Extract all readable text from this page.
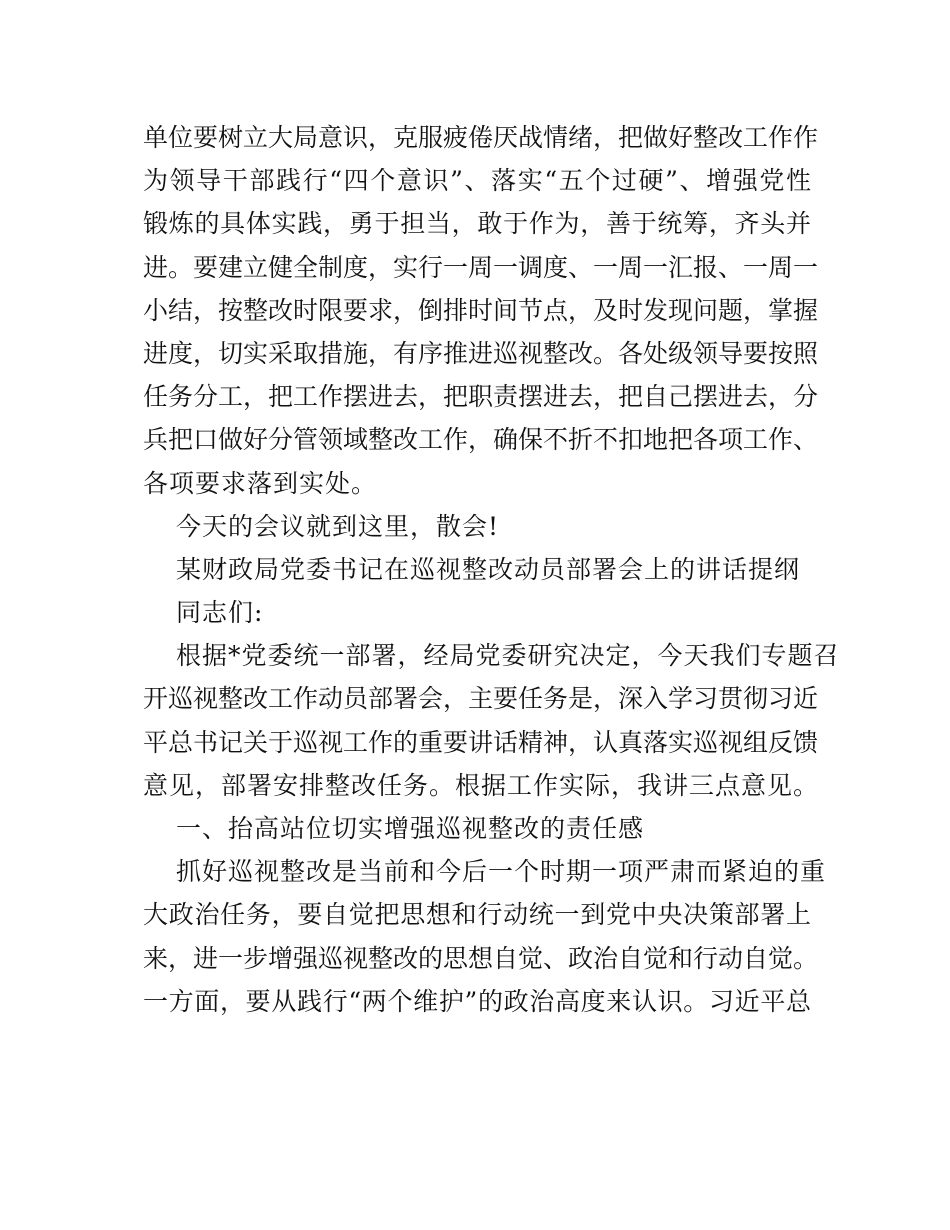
单位要树立大局意识，克服疲倦厌战情绪，把做好整改工作作
为领导干部践行“四个意识”、落实“五个过硬”、增强党性
锻炼的具体实践，勇于担当，敢于作为，善于统筹，齐头并
进。要建立健全制度，实行一周一调度、一周一汇报、一周一
小结，按整改时限要求，倒排时间节点，及时发现问题，掌握
进度，切实采取措施，有序推进巡视整改。各处级领导要按照
任务分工，把工作摆进去，把职责摆进去，把自己摆进去，分
兵把口做好分管领域整改工作，确保不折不扣地把各项工作、
各项要求落到实处。
今天的会议就到这里，散会!
某财政局党委书记在巡视整改动员部署会上的讲话提纲
同志们:
根据*党委统一部署，经局党委研究决定，今天我们专题召
开巡视整改工作动员部署会，主要任务是，深入学习贯彻习近
平总书记关于巡视工作的重要讲话精神，认真落实巡视组反馈
意见，部署安排整改任务。根据工作实际，我讲三点意见。
一、抬高站位切实增强巡视整改的责任感
抓好巡视整改是当前和今后一个时期一项严肃而紧迫的重
大政治任务，要自觉把思想和行动统一到党中央决策部署上
来，进一步增强巡视整改的思想自觉、政治自觉和行动自觉。
一方面，要从践行“两个维护”的政治高度来认识。习近平总
